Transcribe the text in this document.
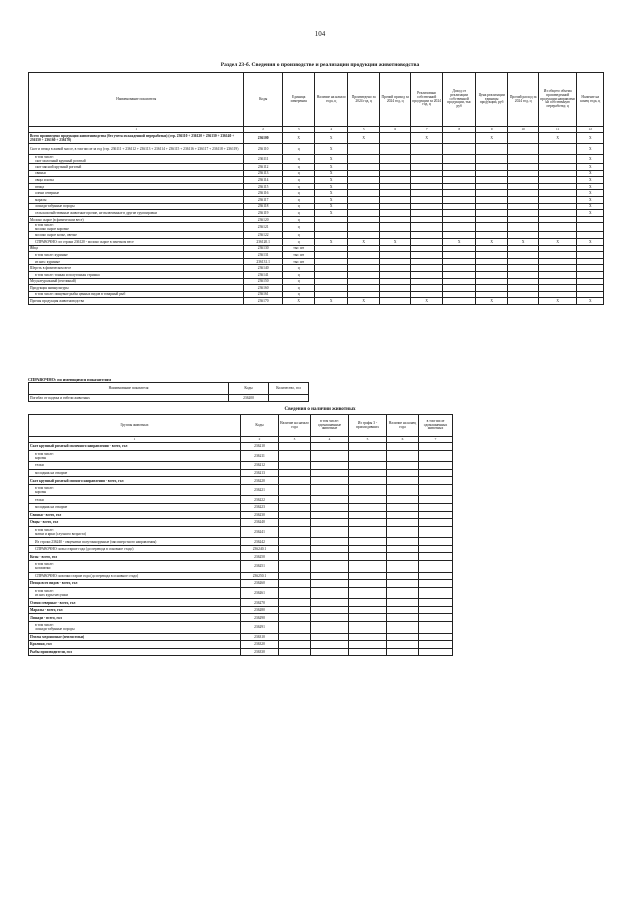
104
Раздел 23-б. Сведения о производстве и реализации продукции животноводства
Наименование показателя	Коды	Единица измерения	Наличие на начало года, ц	Произведено за 2024 год, ц	Прочий приход за 2024 год, ц	Реализовано собственной продукции за 2024 год, ц	Доход от реализации собственной продукции, тыс руб	Цена реализации единицы продукции, руб	Прочий расход за 2024 год, ц	Из общего объема произведенной продукции направлено на собственную переработку, ц	Наличие на конец года, ц
1	2	3	4	5	6	7	8	9	10	11	12
Всего произведено продукции животноводства (без учета охлажденной переработки) (стр. 236110 + 236120 + 236130 + 236140 + 236150 + 236160 + 236170)	236100	X	X	X		X		X		X	X
Скот и птица в живой массе, в том числе за год (стр. 236111 + 236112 + 236113 + 236114 + 236115 + 236116 + 236117 + 236118 + 236119)	236110	ц	X								X
в том числе:
скот молочный крупный рогатый	236111	ц	X								X
скот мясной крупный рогатый	236112	ц	X								X
свиньи	236113	ц	X								X
овцы и козы	236114	ц	X								X
птица	236115	ц	X								X
олени северные	236116	ц	X								X
маралы	236117	ц	X								X
лошади табунные породы	236118	ц	X								X
сельскохозяйственные животные прочие, не включенные в другие группировки	236119	ц	X								X
Молоко сырое (в физическом весе)	236120	ц									
в том числе:
молоко сырое коровье	236121	ц									
молоко сырое козье, овечье	236122	ц									
СПРАВОЧНО: из строки 236120 - молоко сырое в зачетном весе	236120.1	ц	X	X	X		X	X	X	X	X
Яйца	236130	тыс шт									
в том числе: куриные	236131	тыс шт									
из них: куриные	236131.1	тыс шт									
Шерсть в физическом весе	236140	ц									
в том числе: тонкая и полутонкая стрижка	236141	ц									
Мед натуральный (пчелиный)	236150	ц									
Продукция аквакультуры	236160	ц									
в том числе: пищевые рыбы ценных видов в товарный рыб	236161	ц									
Прочая продукция животноводства	236170	X	X	X		X		X		X	X
СПРАВОЧНО: по имеющимся показателям
Наименование показателя	Коды	Количество, гол
Погибло от падежа и гибели животных	236200	
Сведения о наличии животных
Группы животных	Коды	Наличие на начало года	в том числе: одомашненные животные	Из графы 3 - приплодивших	Наличие на конец года	в том числе одомашненных животных
1	2	3	4	5	6	7
Скот крупный рогатый молочного направления - всего, гол	236210					
в том числе:
коровы	236211					
телки	236212					
молодняк на откорме	236213					
Скот крупный рогатый мясного направления - всего, гол	236220					
в том числе:
коровы	236221					
телки	236222					
молодняк на откорме	236223					
Свиньи - всего, гол	236230					
Овцы - всего, гол	236240					
в том числе:
матки и ярки (случного возраста)	236241					
Из строки 236240 - овцематки полутонкорунные (мясошерстного направления)	236242					
СПРАВОЧНО: козы старше года (до перевода в основное стадо)	236240.1					
Козы - всего, гол	236250					
в том числе:
козоматки	236251					
СПРАВОЧНО: козочки старше года (до перевода в основное стадо)	236250.1					
Птица всех видов - всего, гол	236260					
в том числе:
из них куры-несушки	236261					
Олени северные - всего, гол	236270					
Маралы - всего, гол	236280					
Лошади - всего, гол	236290					
в том числе:
лошади табунные породы	236291					
Пчелы медоносные (пчелосемьи)	236310					
Кролики, гол	236320					
Рыбы производители, гол	236330					
